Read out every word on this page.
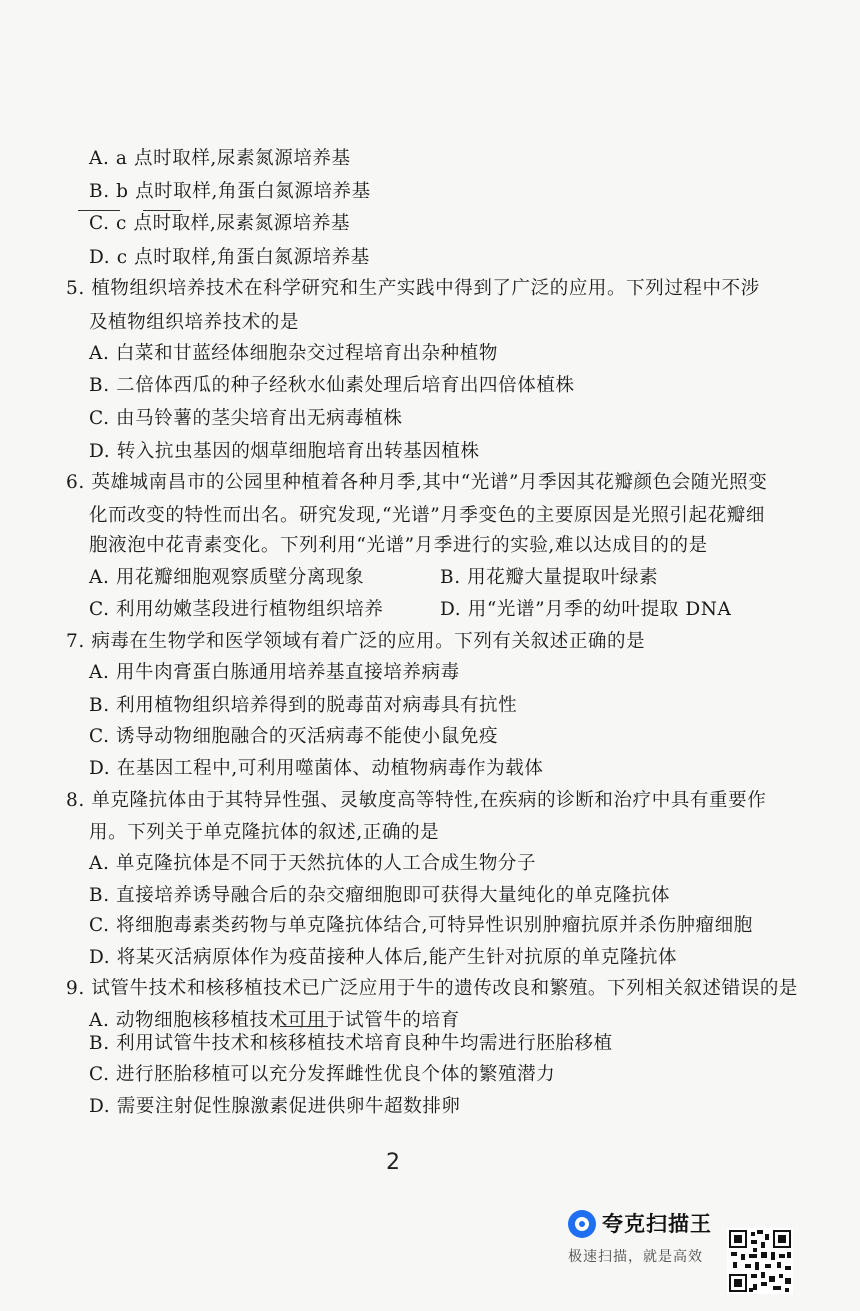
A. a 点时取样,尿素氮源培养基
B. b 点时取样,角蛋白氮源培养基
C. c 点时取样,尿素氮源培养基
D. c 点时取样,角蛋白氮源培养基
5. 植物组织培养技术在科学研究和生产实践中得到了广泛的应用。下列过程中不涉
及植物组织培养技术的是
A. 白菜和甘蓝经体细胞杂交过程培育出杂种植物
B. 二倍体西瓜的种子经秋水仙素处理后培育出四倍体植株
C. 由马铃薯的茎尖培育出无病毒植株
D. 转入抗虫基因的烟草细胞培育出转基因植株
6. 英雄城南昌市的公园里种植着各种月季,其中“光谱”月季因其花瓣颜色会随光照变
化而改变的特性而出名。研究发现,“光谱”月季变色的主要原因是光照引起花瓣细
胞液泡中花青素变化。下列利用“光谱”月季进行的实验,难以达成目的的是
A. 用花瓣细胞观察质壁分离现象	B. 用花瓣大量提取叶绿素
C. 利用幼嫩茎段进行植物组织培养	D. 用“光谱”月季的幼叶提取 DNA
7. 病毒在生物学和医学领域有着广泛的应用。下列有关叙述正确的是
A. 用牛肉膏蛋白胨通用培养基直接培养病毒
B. 利用植物组织培养得到的脱毒苗对病毒具有抗性
C. 诱导动物细胞融合的灭活病毒不能使小鼠免疫
D. 在基因工程中,可利用噬菌体、动植物病毒作为载体
8. 单克隆抗体由于其特异性强、灵敏度高等特性,在疾病的诊断和治疗中具有重要作
用。下列关于单克隆抗体的叙述,正确的是
A. 单克隆抗体是不同于天然抗体的人工合成生物分子
B. 直接培养诱导融合后的杂交瘤细胞即可获得大量纯化的单克隆抗体
C. 将细胞毒素类药物与单克隆抗体结合,可特异性识别肿瘤抗原并杀伤肿瘤细胞
D. 将某灭活病原体作为疫苗接种人体后,能产生针对抗原的单克隆抗体
9. 试管牛技术和核移植技术已广泛应用于牛的遗传改良和繁殖。下列相关叙述错误的是
A. 动物细胞核移植技术可用于试管牛的培育
B. 利用试管牛技术和核移植技术培育良种牛均需进行胚胎移植
C. 进行胚胎移植可以充分发挥雌性优良个体的繁殖潜力
D. 需要注射促性腺激素促进供卵牛超数排卵
2
夸克扫描王
极速扫描，就是高效
